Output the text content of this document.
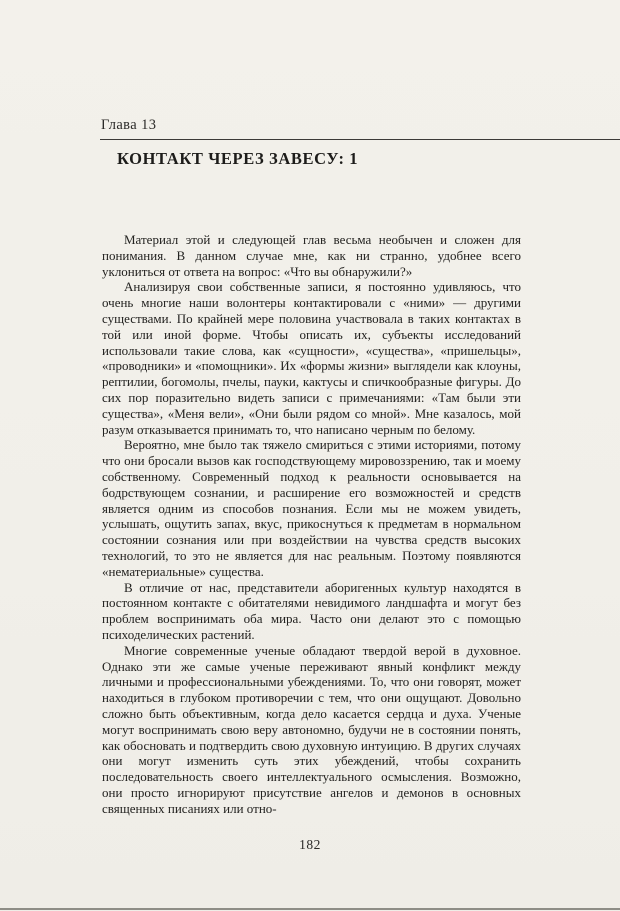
Глава 13
КОНТАКТ ЧЕРЕЗ ЗАВЕСУ: 1

Материал этой и следующей глав весьма необычен и сложен для понимания. В данном случае мне, как ни странно, удобнее всего уклониться от ответа на вопрос: «Что вы обнаружили?»

Анализируя свои собственные записи, я постоянно удивляюсь, что очень многие наши волонтеры контактировали с «ними» — другими существами. По крайней мере половина участвовала в таких контактах в той или иной форме. Чтобы описать их, субъекты исследований использовали такие слова, как «сущности», «существа», «пришельцы», «проводники» и «помощники». Их «формы жизни» выглядели как клоуны, рептилии, богомолы, пчелы, пауки, кактусы и спичкообразные фигуры. До сих пор поразительно видеть записи с примечаниями: «Там были эти существа», «Меня вели», «Они были рядом со мной». Мне казалось, мой разум отказывается принимать то, что написано черным по белому.

Вероятно, мне было так тяжело смириться с этими историями, потому что они бросали вызов как господствующему мировоззрению, так и моему собственному. Современный подход к реальности основывается на бодрствующем сознании, и расширение его возможностей и средств является одним из способов познания. Если мы не можем увидеть, услышать, ощутить запах, вкус, прикоснуться к предметам в нормальном состоянии сознания или при воздействии на чувства средств высоких технологий, то это не является для нас реальным. Поэтому появляются «нематериальные» существа.

В отличие от нас, представители аборигенных культур находятся в постоянном контакте с обитателями невидимого ландшафта и могут без проблем воспринимать оба мира. Часто они делают это с помощью психоделических растений.

Многие современные ученые обладают твердой верой в духовное. Однако эти же самые ученые переживают явный конфликт между личными и профессиональными убеждениями. То, что они говорят, может находиться в глубоком противоречии с тем, что они ощущают. Довольно сложно быть объективным, когда дело касается сердца и духа. Ученые могут воспринимать свою веру автономно, будучи не в состоянии понять, как обосновать и подтвердить свою духовную интуицию. В других случаях они могут изменить суть этих убеждений, чтобы сохранить последовательность своего интеллектуального осмысления. Возможно, они просто игнорируют присутствие ангелов и демонов в основных священных писаниях или отно-

182
